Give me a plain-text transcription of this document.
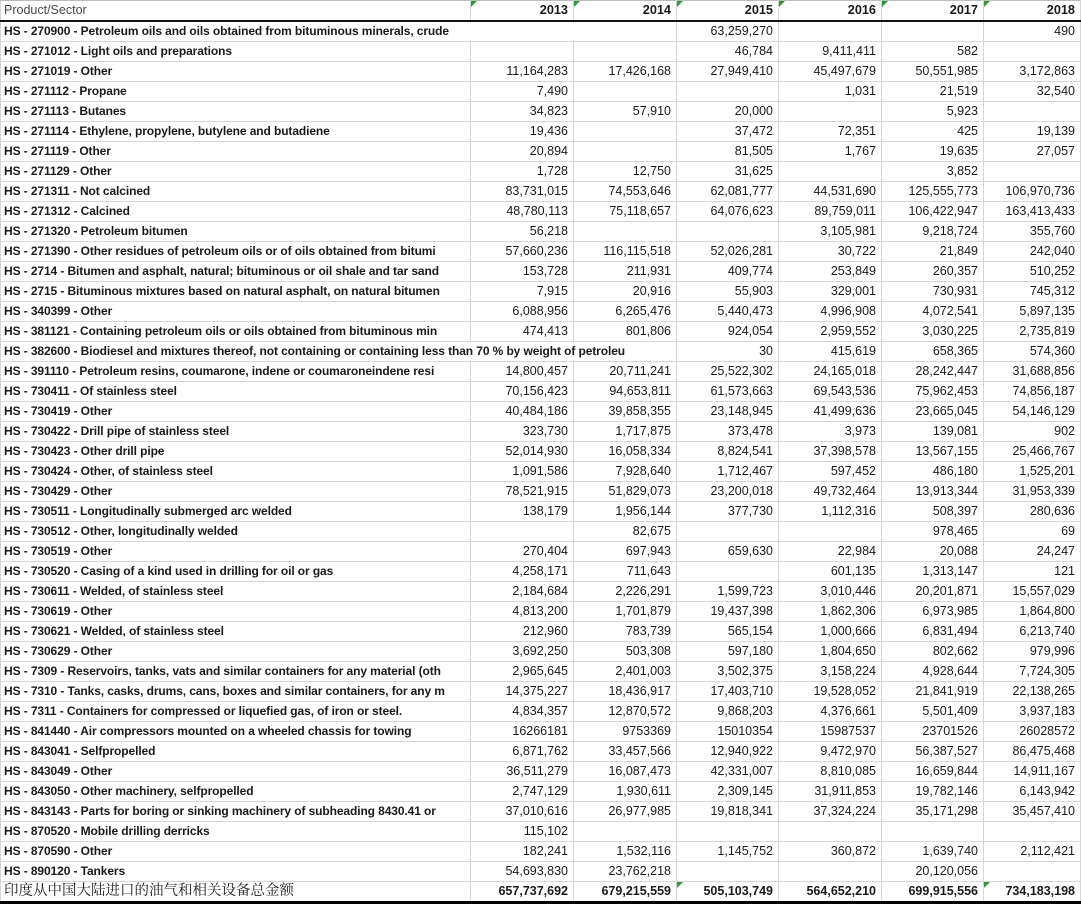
Product/Sector	2013	2014	2015	2016	2017	2018

HS - 270900 - Petroleum oils and oils obtained from bituminous minerals, crude			63,259,270			490
HS - 271012 - Light oils and preparations			46,784	9,411,411	582	
HS - 271019 - Other	11,164,283	17,426,168	27,949,410	45,497,679	50,551,985	3,172,863
HS - 271112 - Propane	7,490			1,031	21,519	32,540
HS - 271113 - Butanes	34,823	57,910	20,000		5,923	
HS - 271114 - Ethylene, propylene, butylene and butadiene	19,436		37,472	72,351	425	19,139
HS - 271119 - Other	20,894		81,505	1,767	19,635	27,057
HS - 271129 - Other	1,728	12,750	31,625		3,852	
HS - 271311 - Not calcined	83,731,015	74,553,646	62,081,777	44,531,690	125,555,773	106,970,736
HS - 271312 - Calcined	48,780,113	75,118,657	64,076,623	89,759,011	106,422,947	163,413,433
HS - 271320 - Petroleum bitumen	56,218			3,105,981	9,218,724	355,760
HS - 271390 - Other residues of petroleum oils or of oils obtained from bitumi	57,660,236	116,115,518	52,026,281	30,722	21,849	242,040
HS - 2714 - Bitumen and asphalt, natural; bituminous or oil shale and tar sand	153,728	211,931	409,774	253,849	260,357	510,252
HS - 2715 - Bituminous mixtures based on natural asphalt, on natural bitumen	7,915	20,916	55,903	329,001	730,931	745,312
HS - 340399 - Other	6,088,956	6,265,476	5,440,473	4,996,908	4,072,541	5,897,135
HS - 381121 - Containing petroleum oils or oils obtained from bituminous min	474,413	801,806	924,054	2,959,552	3,030,225	2,735,819

HS - 382600 - Biodiesel and mixtures thereof, not containing or containing less than 70 % by weight of petroleu			30	415,619	658,365	574,360
HS - 391110 - Petroleum resins, coumarone, indene or coumaroneindene resi	14,800,457	20,711,241	25,522,302	24,165,018	28,242,447	31,688,856
HS - 730411 - Of stainless steel	70,156,423	94,653,811	61,573,663	69,543,536	75,962,453	74,856,187
HS - 730419 - Other	40,484,186	39,858,355	23,148,945	41,499,636	23,665,045	54,146,129
HS - 730422 - Drill pipe of stainless steel	323,730	1,717,875	373,478	3,973	139,081	902
HS - 730423 - Other drill pipe	52,014,930	16,058,334	8,824,541	37,398,578	13,567,155	25,466,767
HS - 730424 - Other, of stainless steel	1,091,586	7,928,640	1,712,467	597,452	486,180	1,525,201
HS - 730429 - Other	78,521,915	51,829,073	23,200,018	49,732,464	13,913,344	31,953,339
HS - 730511 - Longitudinally submerged arc welded	138,179	1,956,144	377,730	1,112,316	508,397	280,636
HS - 730512 - Other, longitudinally welded		82,675			978,465	69
HS - 730519 - Other	270,404	697,943	659,630	22,984	20,088	24,247
HS - 730520 - Casing of a kind used in drilling for oil or gas	4,258,171	711,643		601,135	1,313,147	121
HS - 730611 - Welded, of stainless steel	2,184,684	2,226,291	1,599,723	3,010,446	20,201,871	15,557,029
HS - 730619 - Other	4,813,200	1,701,879	19,437,398	1,862,306	6,973,985	1,864,800
HS - 730621 - Welded, of stainless steel	212,960	783,739	565,154	1,000,666	6,831,494	6,213,740
HS - 730629 - Other	3,692,250	503,308	597,180	1,804,650	802,662	979,996
HS - 7309 - Reservoirs, tanks, vats and similar containers for any material (oth	2,965,645	2,401,003	3,502,375	3,158,224	4,928,644	7,724,305
HS - 7310 - Tanks, casks, drums, cans, boxes and similar containers, for any m	14,375,227	18,436,917	17,403,710	19,528,052	21,841,919	22,138,265
HS - 7311 - Containers for compressed or liquefied gas, of iron or steel.	4,834,357	12,870,572	9,868,203	4,376,661	5,501,409	3,937,183
HS - 841440 - Air compressors mounted on a wheeled chassis for towing	16266181	9753369	15010354	15987537	23701526	26028572
HS - 843041 - Selfpropelled	6,871,762	33,457,566	12,940,922	9,472,970	56,387,527	86,475,468
HS - 843049 - Other	36,511,279	16,087,473	42,331,007	8,810,085	16,659,844	14,911,167
HS - 843050 - Other machinery, selfpropelled	2,747,129	1,930,611	2,309,145	31,911,853	19,782,146	6,143,942
HS - 843143 - Parts for boring or sinking machinery of subheading 8430.41 or	37,010,616	26,977,985	19,818,341	37,324,224	35,171,298	35,457,410
HS - 870520 - Mobile drilling derricks	115,102					
HS - 870590 - Other	182,241	1,532,116	1,145,752	360,872	1,639,740	2,112,421
HS - 890120 - Tankers	54,693,830	23,762,218			20,120,056	
印度从中国大陆进口的油气和相关设备总金额	657,737,692	679,215,559	505,103,749	564,652,210	699,915,556	734,183,198
